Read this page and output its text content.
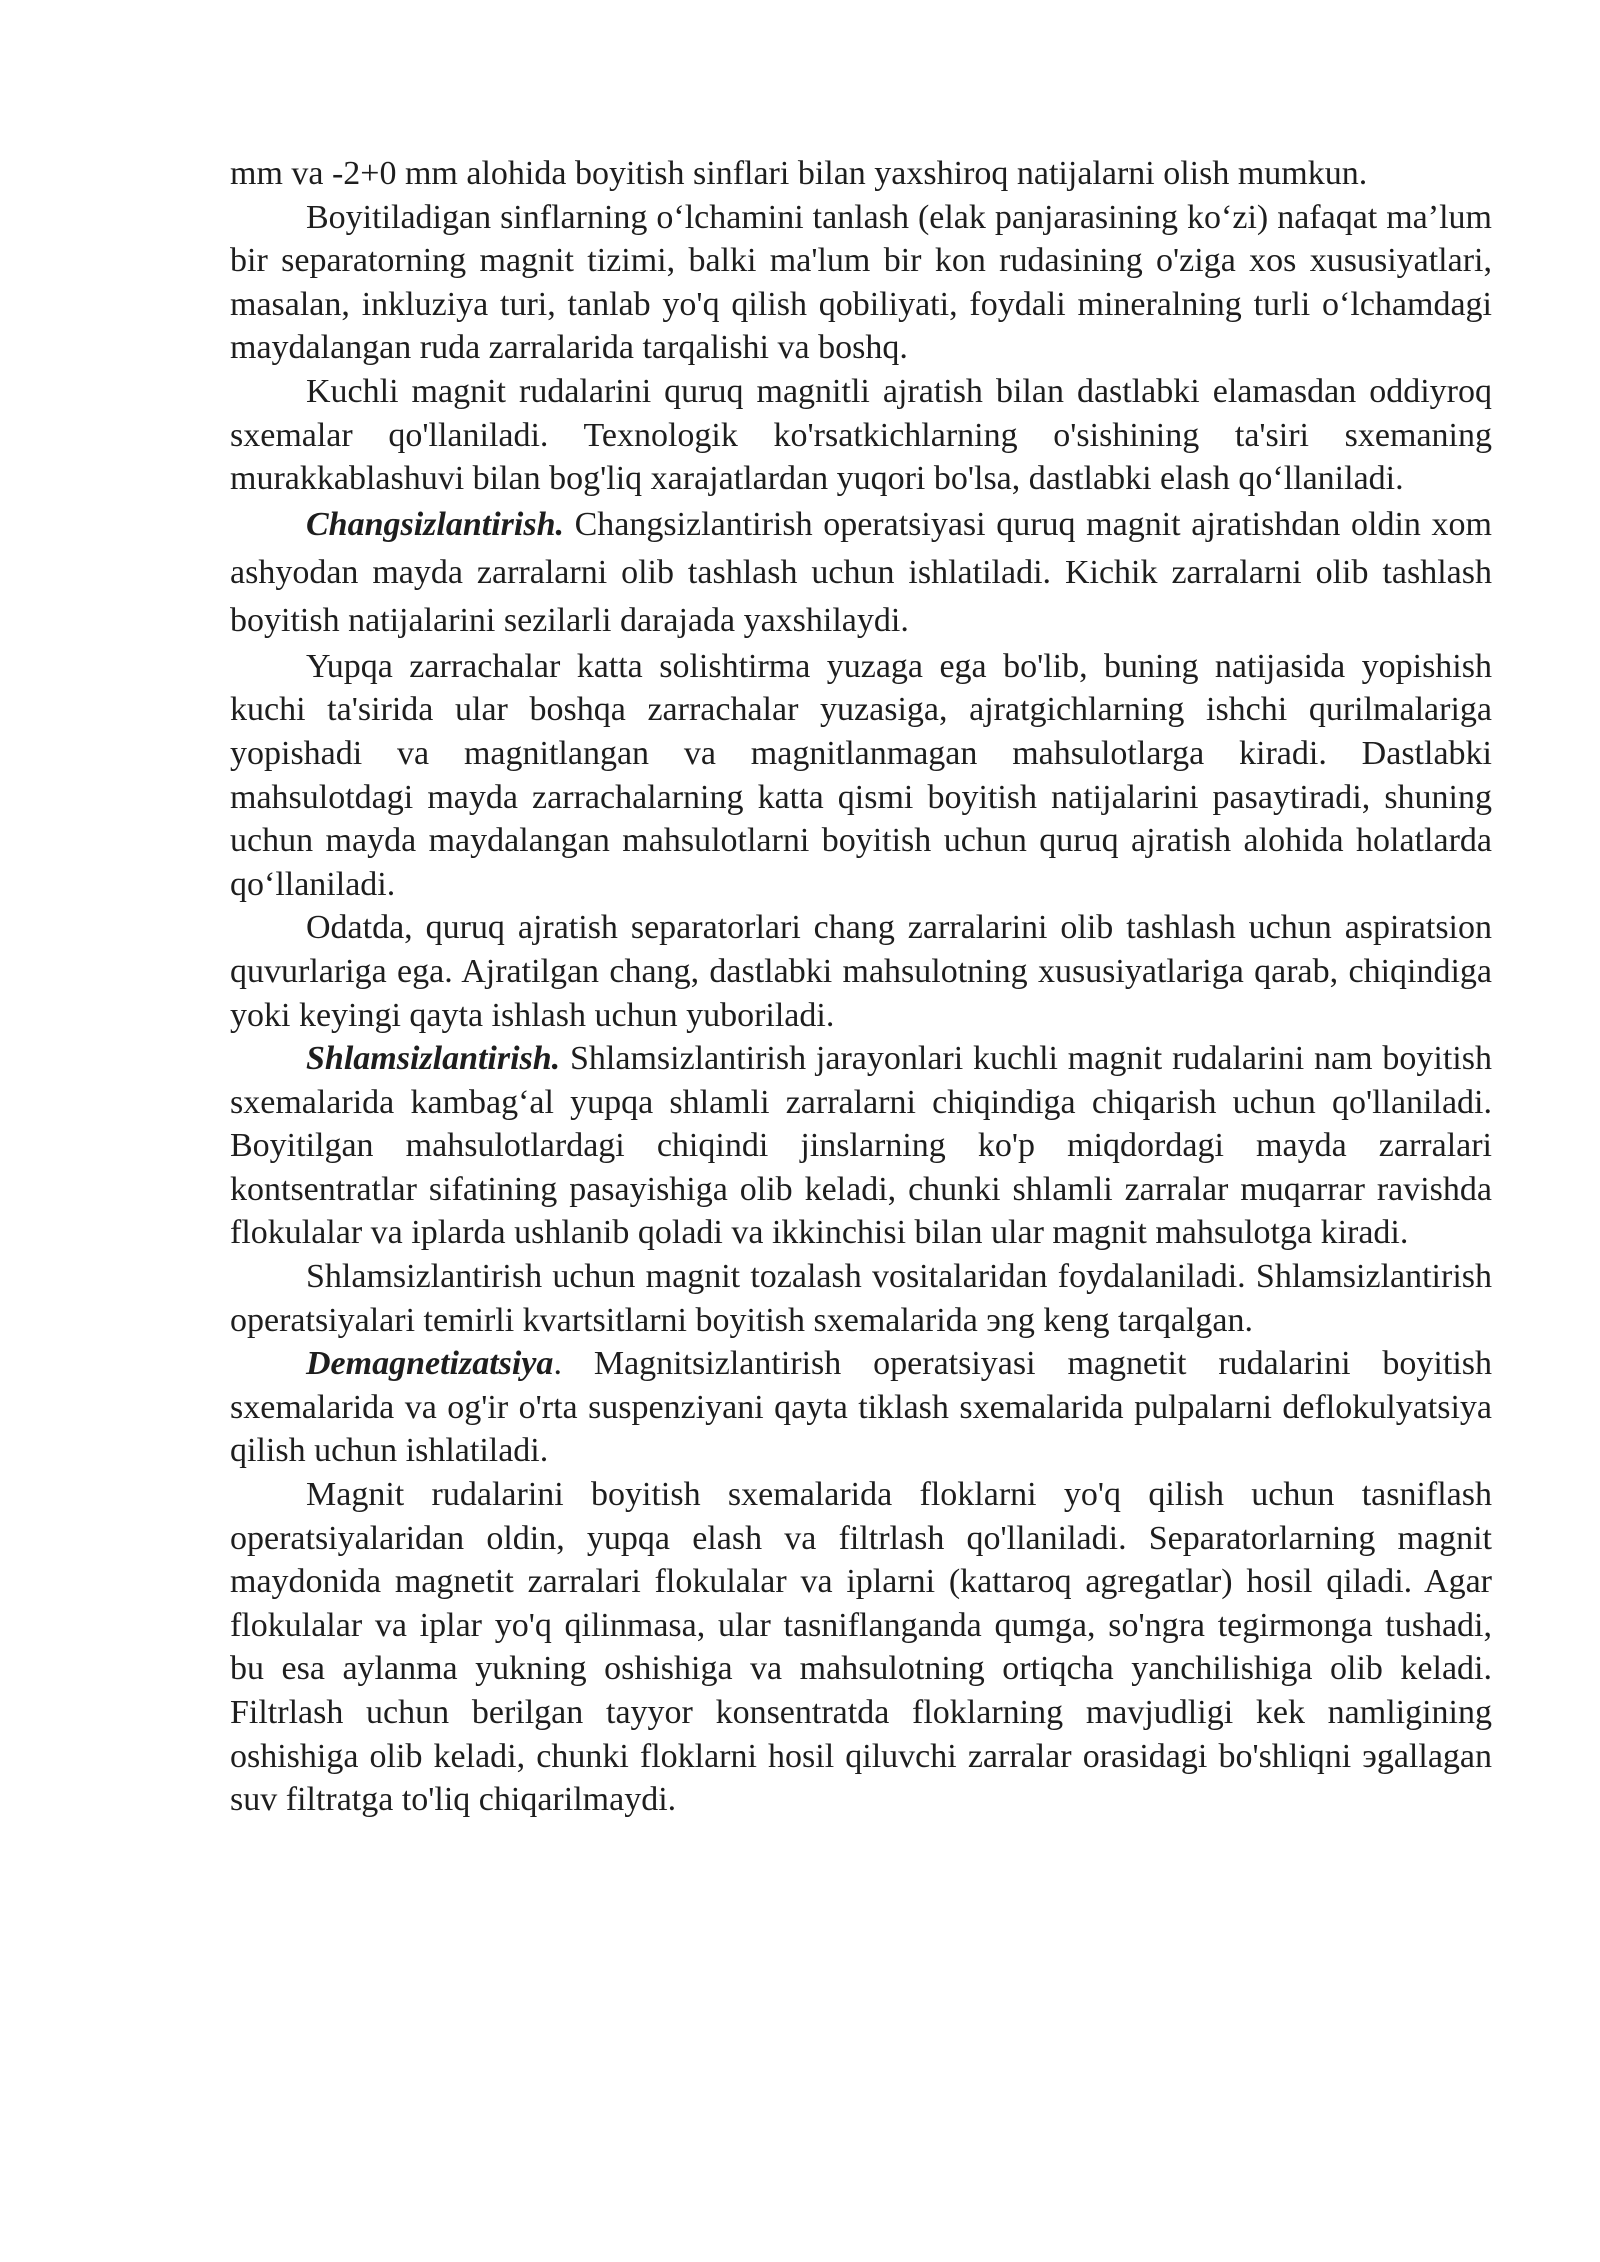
mm va -2+0 mm alohida boyitish sinflari bilan yaxshiroq natijalarni olish mumkun.

Boyitiladigan sinflarning o‘lchamini tanlash (elak panjarasining ko‘zi) nafaqat ma’lum bir separatorning magnit tizimi, balki ma'lum bir kon rudasining o'ziga xos xususiyatlari, masalan, inkluziya turi, tanlab yo'q qilish qobiliyati, foydali mineralning turli o‘lchamdagi maydalangan ruda zarralarida tarqalishi va boshq.

Kuchli magnit rudalarini quruq magnitli ajratish bilan dastlabki elamasdan oddiyroq sxemalar qo'llaniladi. Texnologik ko'rsatkichlarning o'sishining ta'siri sxemaning murakkablashuvi bilan bog'liq xarajatlardan yuqori bo'lsa, dastlabki elash qo‘llaniladi.

Changsizlantirish. Changsizlantirish operatsiyasi quruq magnit ajratishdan oldin xom ashyodan mayda zarralarni olib tashlash uchun ishlatiladi. Kichik zarralarni olib tashlash boyitish natijalarini sezilarli darajada yaxshilaydi.

Yupqa zarrachalar katta solishtirma yuzaga ega bo'lib, buning natijasida yopishish kuchi ta'sirida ular boshqa zarrachalar yuzasiga, ajratgichlarning ishchi qurilmalariga yopishadi va magnitlangan va magnitlanmagan mahsulotlarga kiradi. Dastlabki mahsulotdagi mayda zarrachalarning katta qismi boyitish natijalarini pasaytiradi, shuning uchun mayda maydalangan mahsulotlarni boyitish uchun quruq ajratish alohida holatlarda qo‘llaniladi.

Odatda, quruq ajratish separatorlari chang zarralarini olib tashlash uchun aspiratsion quvurlariga ega. Ajratilgan chang, dastlabki mahsulotning xususiyatlariga qarab, chiqindiga yoki keyingi qayta ishlash uchun yuboriladi.

Shlamsizlantirish. Shlamsizlantirish jarayonlari kuchli magnit rudalarini nam boyitish sxemalarida kambag‘al yupqa shlamli zarralarni chiqindiga chiqarish uchun qo'llaniladi. Boyitilgan mahsulotlardagi chiqindi jinslarning ko'p miqdordagi mayda zarralari kontsentratlar sifatining pasayishiga olib keladi, chunki shlamli zarralar muqarrar ravishda flokulalar va iplarda ushlanib qoladi va ikkinchisi bilan ular magnit mahsulotga kiradi.

Shlamsizlantirish uchun magnit tozalash vositalaridan foydalaniladi. Shlamsizlantirish operatsiyalari temirli kvartsitlarni boyitish sxemalarida эng keng tarqalgan.

Demagnetizatsiya. Magnitsizlantirish operatsiyasi magnetit rudalarini boyitish sxemalarida va og'ir o'rta suspenziyani qayta tiklash sxemalarida pulpalarni deflokulyatsiya qilish uchun ishlatiladi.

Magnit rudalarini boyitish sxemalarida floklarni yo'q qilish uchun tasniflash operatsiyalaridan oldin, yupqa elash va filtrlash qo'llaniladi. Separatorlarning magnit maydonida magnetit zarralari flokulalar va iplarni (kattaroq agregatlar) hosil qiladi. Agar flokulalar va iplar yo'q qilinmasa, ular tasniflanganda qumga, so'ngra tegirmonga tushadi, bu esa aylanma yukning oshishiga va mahsulotning ortiqcha yanchilishiga olib keladi. Filtrlash uchun berilgan tayyor konsentratda floklarning mavjudligi kek namligining oshishiga olib keladi, chunki floklarni hosil qiluvchi zarralar orasidagi bo'shliqni эgallagan suv filtratga to'liq chiqarilmaydi.
